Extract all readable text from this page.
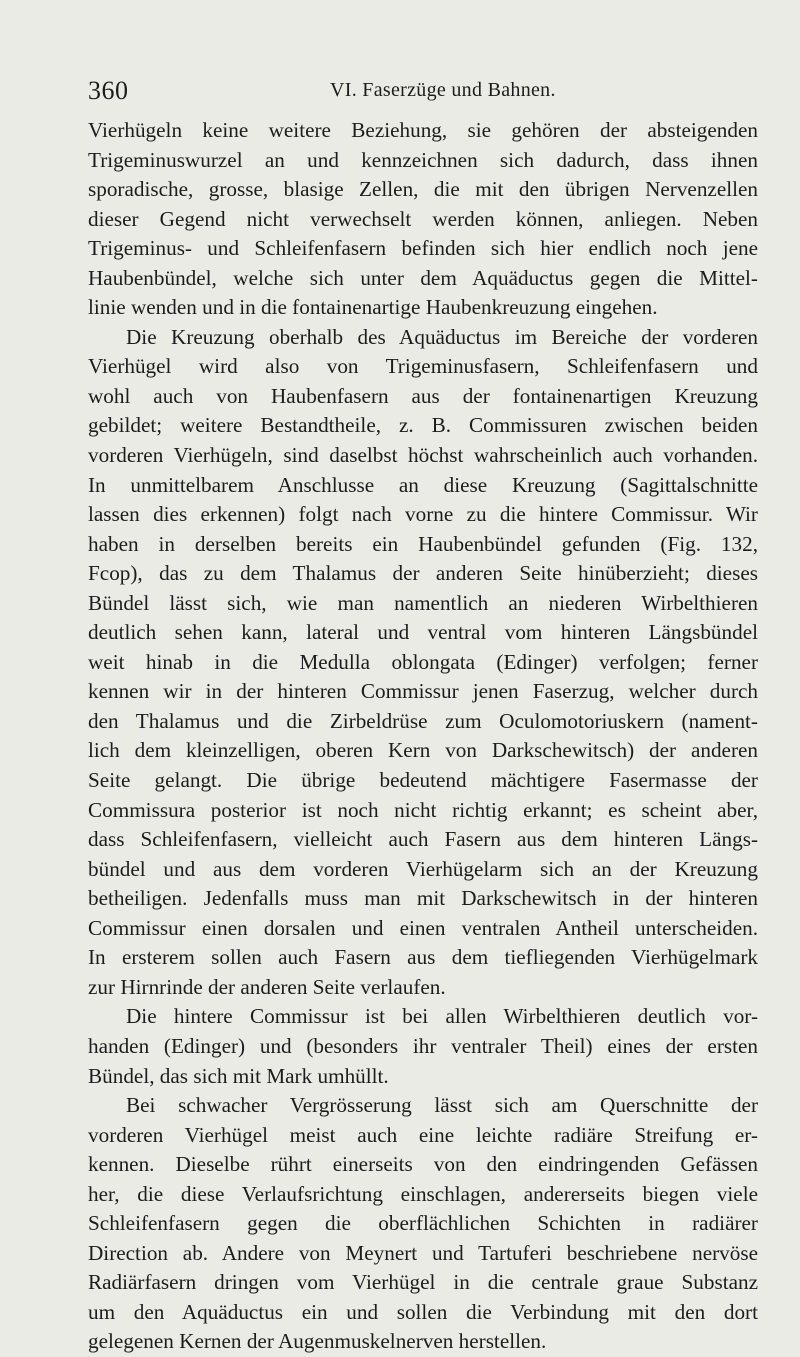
360	VI. Faserzüge und Bahnen.
Vierhügeln keine weitere Beziehung, sie gehören der absteigenden
Trigeminuswurzel an und kennzeichnen sich dadurch, dass ihnen
sporadische, grosse, blasige Zellen, die mit den übrigen Nervenzellen
dieser Gegend nicht verwechselt werden können, anliegen. Neben
Trigeminus- und Schleifenfasern befinden sich hier endlich noch jene
Haubenbündel, welche sich unter dem Aquäductus gegen die Mittel-
linie wenden und in die fontainenartige Haubenkreuzung eingehen.
Die Kreuzung oberhalb des Aquäductus im Bereiche der vorderen
Vierhügel wird also von Trigeminusfasern, Schleifenfasern und
wohl auch von Haubenfasern aus der fontainenartigen Kreuzung
gebildet; weitere Bestandtheile, z. B. Commissuren zwischen beiden
vorderen Vierhügeln, sind daselbst höchst wahrscheinlich auch vorhanden.
In unmittelbarem Anschlusse an diese Kreuzung (Sagittalschnitte
lassen dies erkennen) folgt nach vorne zu die hintere Commissur. Wir
haben in derselben bereits ein Haubenbündel gefunden (Fig. 132,
Fcop), das zu dem Thalamus der anderen Seite hinüberzieht; dieses
Bündel lässt sich, wie man namentlich an niederen Wirbelthieren
deutlich sehen kann, lateral und ventral vom hinteren Längsbündel
weit hinab in die Medulla oblongata (Edinger) verfolgen; ferner
kennen wir in der hinteren Commissur jenen Faserzug, welcher durch
den Thalamus und die Zirbeldrüse zum Oculomotoriuskern (nament-
lich dem kleinzelligen, oberen Kern von Darkschewitsch) der anderen
Seite gelangt. Die übrige bedeutend mächtigere Fasermasse der
Commissura posterior ist noch nicht richtig erkannt; es scheint aber,
dass Schleifenfasern, vielleicht auch Fasern aus dem hinteren Längs-
bündel und aus dem vorderen Vierhügelarm sich an der Kreuzung
betheiligen. Jedenfalls muss man mit Darkschewitsch in der hinteren
Commissur einen dorsalen und einen ventralen Antheil unterscheiden.
In ersterem sollen auch Fasern aus dem tiefliegenden Vierhügelmark
zur Hirnrinde der anderen Seite verlaufen.
Die hintere Commissur ist bei allen Wirbelthieren deutlich vor-
handen (Edinger) und (besonders ihr ventraler Theil) eines der ersten
Bündel, das sich mit Mark umhüllt.
Bei schwacher Vergrösserung lässt sich am Querschnitte der
vorderen Vierhügel meist auch eine leichte radiäre Streifung er-
kennen. Dieselbe rührt einerseits von den eindringenden Gefässen
her, die diese Verlaufsrichtung einschlagen, andererseits biegen viele
Schleifenfasern gegen die oberflächlichen Schichten in radiärer
Direction ab. Andere von Meynert und Tartuferi beschriebene nervöse
Radiärfasern dringen vom Vierhügel in die centrale graue Substanz
um den Aquäductus ein und sollen die Verbindung mit den dort
gelegenen Kernen der Augenmuskelnerven herstellen.
